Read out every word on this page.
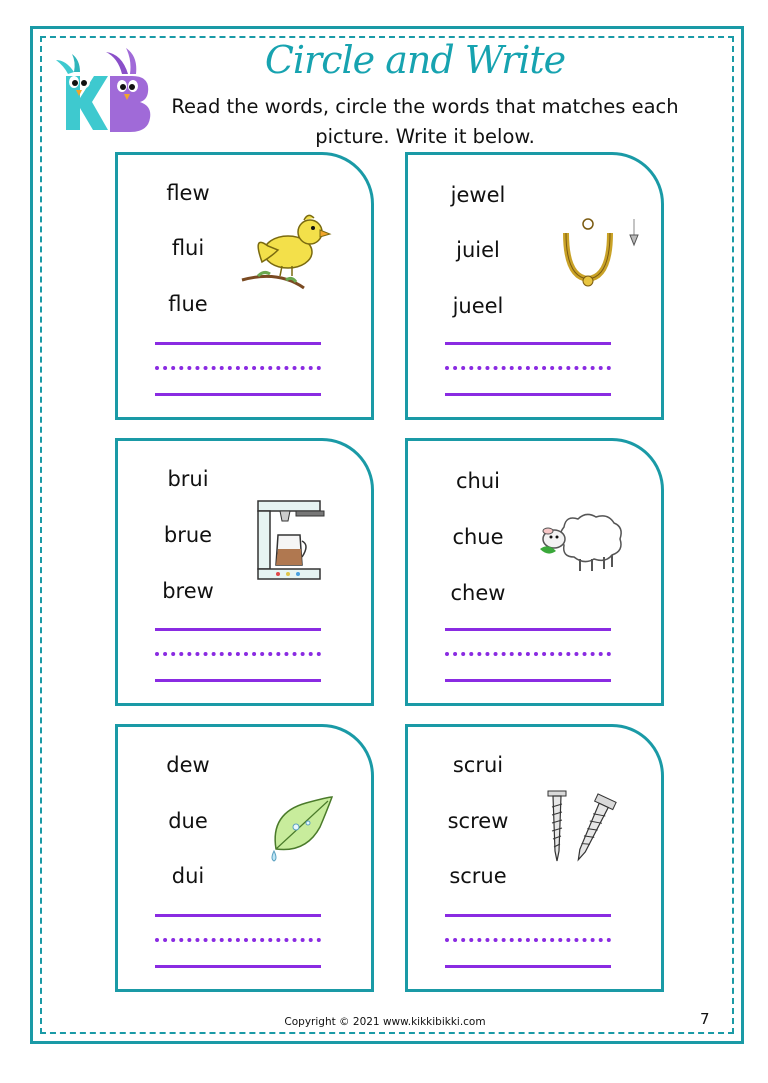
Circle and Write
Read the words, circle the words that matches each picture. Write it below.
flew
flui
flue
jewel
juiel
jueel
brui
brue
brew
chui
chue
chew
dew
due
dui
scrui
screw
scrue
Copyright © 2021 www.kikkibikki.com	7
